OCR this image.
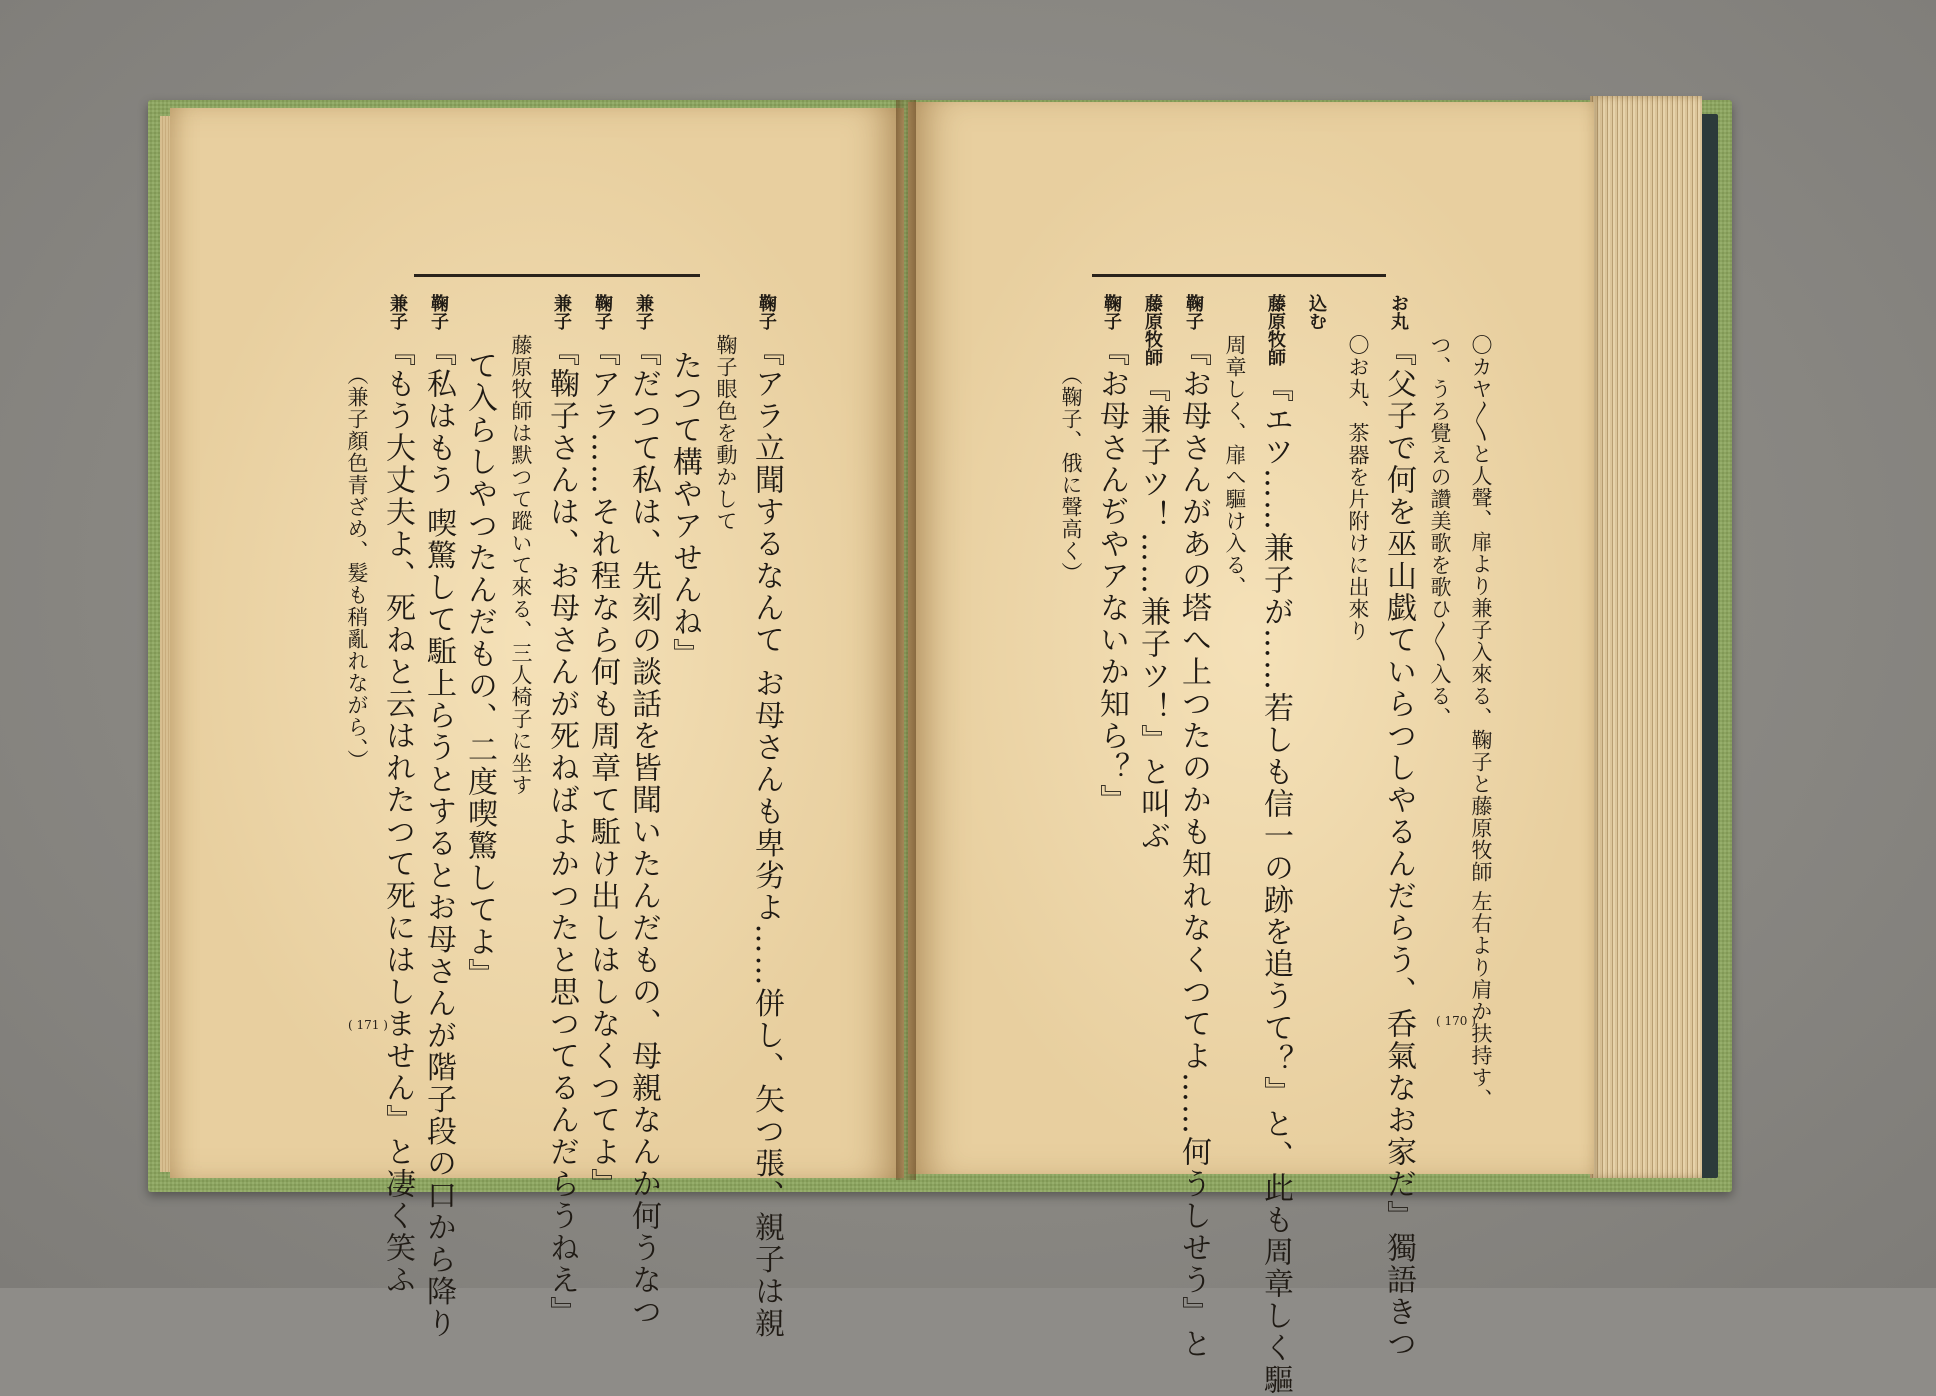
鞠子『アラ立聞するなんて お母さんも卑劣よ……併し、矢つ張、親子は親
鞠子眼色を動かして
たつて構やアせんね』
兼子『だつて私は、先刻の談話を皆聞いたんだもの、母親なんか何うなつ
鞠子『アラ……それ程なら何も周章て駈け出しはしなくつてよ』
兼子『鞠子さんは、お母さんが死ねばよかつたと思つてるんだらうねえ』
藤原牧師は默つて蹤いて來る、三人椅子に坐す
て入らしやつたんだもの、二度喫驚してよ』
鞠子『私はもう 喫驚して駈上らうとするとお母さんが階子段の口から降り
兼子『もう大丈夫よ、死ねと云はれたつて死にはしません』と凄く笑ふ
（兼子顏色青ざめ、髮も稍亂れながら、）	〇カヤ〳〵と人聲、扉より兼子入來る、鞠子と藤原牧師 左右より肩か扶持す、
つ、うろ覺えの讚美歌を歌ひ〳〵入る、
お丸『父子で何を巫山戯ていらつしやるんだらう、呑氣なお家だ』獨語きつ
〇お丸、茶器を片附けに出來り
込む
藤原牧師『エツ……兼子が……若しも信一の跡を追うて？』と、此も周章しく驅
周章しく、扉へ驅け入る、
鞠子『お母さんがあの塔へ上つたのかも知れなくつてよ……何うしせう』と
藤原牧師『兼子ツ！……兼子ツ！』と叫ぶ
鞠子『お母さんぢやアないか知ら？』
（鞠子、俄に聲高く）
( 171 )	( 170 )
